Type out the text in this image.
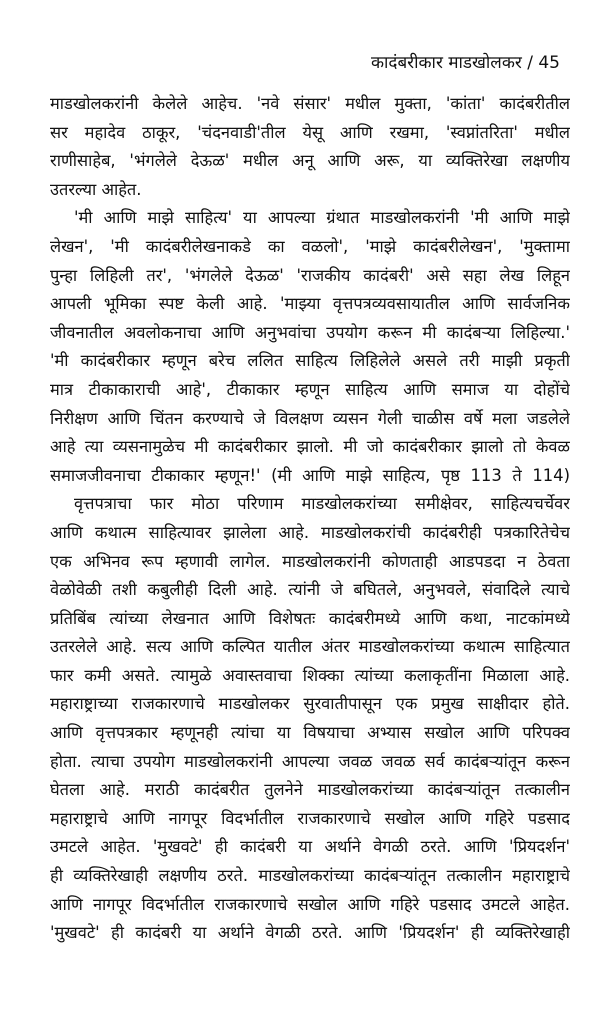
कादंबरीकार माडखोलकर / 45
माडखोलकरांनी केलेले आहेच. 'नवे संसार' मधील मुक्ता, 'कांता' कादंबरीतील
सर महादेव ठाकूर, 'चंदनवाडी'तील येसू आणि रखमा, 'स्वप्नांतरिता' मधील
राणीसाहेब, 'भंगलेले देऊळ' मधील अनू आणि अरू, या व्यक्तिरेखा लक्षणीय
उतरल्या आहेत.
'मी आणि माझे साहित्य' या आपल्या ग्रंथात माडखोलकरांनी 'मी आणि माझे
लेखन', 'मी कादंबरीलेखनाकडे का वळलो', 'माझे कादंबरीलेखन', 'मुक्तामा
पुन्हा लिहिली तर', 'भंगलेले देऊळ' 'राजकीय कादंबरी' असे सहा लेख लिहून
आपली भूमिका स्पष्ट केली आहे. 'माझ्या वृत्तपत्रव्यवसायातील आणि सार्वजनिक
जीवनातील अवलोकनाचा आणि अनुभवांचा उपयोग करून मी कादंबऱ्या लिहिल्या.'
'मी कादंबरीकार म्हणून बरेच ललित साहित्य लिहिलेले असले तरी माझी प्रकृती
मात्र टीकाकाराची आहे', टीकाकार म्हणून साहित्य आणि समाज या दोहोंचे
निरीक्षण आणि चिंतन करण्याचे जे विलक्षण व्यसन गेली चाळीस वर्षे मला जडलेले
आहे त्या व्यसनामुळेच मी कादंबरीकार झालो. मी जो कादंबरीकार झालो तो केवळ
समाजजीवनाचा टीकाकार म्हणून!' (मी आणि माझे साहित्य, पृष्ठ 113 ते 114)
वृत्तपत्राचा फार मोठा परिणाम माडखोलकरांच्या समीक्षेवर, साहित्यचर्चेवर
आणि कथात्म साहित्यावर झालेला आहे. माडखोलकरांची कादंबरीही पत्रकारितेचेच
एक अभिनव रूप म्हणावी लागेल. माडखोलकरांनी कोणताही आडपडदा न ठेवता
वेळोवेळी तशी कबुलीही दिली आहे. त्यांनी जे बघितले, अनुभवले, संवादिले त्याचे
प्रतिबिंब त्यांच्या लेखनात आणि विशेषतः कादंबरीमध्ये आणि कथा, नाटकांमध्ये
उतरलेले आहे. सत्य आणि कल्पित यातील अंतर माडखोलकरांच्या कथात्म साहित्यात
फार कमी असते. त्यामुळे अवास्तवाचा शिक्का त्यांच्या कलाकृतींना मिळाला आहे.
महाराष्ट्राच्या राजकारणाचे माडखोलकर सुरवातीपासून एक प्रमुख साक्षीदार होते.
आणि वृत्तपत्रकार म्हणूनही त्यांचा या विषयाचा अभ्यास सखोल आणि परिपक्व
होता. त्याचा उपयोग माडखोलकरांनी आपल्या जवळ जवळ सर्व कादंबऱ्यांतून करून
घेतला आहे. मराठी कादंबरीत तुलनेने माडखोलकरांच्या कादंबऱ्यांतून तत्कालीन
महाराष्ट्राचे आणि नागपूर विदर्भातील राजकारणाचे सखोल आणि गहिरे पडसाद
उमटले आहेत. 'मुखवटे' ही कादंबरी या अर्थाने वेगळी ठरते. आणि 'प्रियदर्शन'
ही व्यक्तिरेखाही लक्षणीय ठरते. माडखोलकरांच्या कादंबऱ्यांतून तत्कालीन महाराष्ट्राचे
आणि नागपूर विदर्भातील राजकारणाचे सखोल आणि गहिरे पडसाद उमटले आहेत.
'मुखवटे' ही कादंबरी या अर्थाने वेगळी ठरते. आणि 'प्रियदर्शन' ही व्यक्तिरेखाही
